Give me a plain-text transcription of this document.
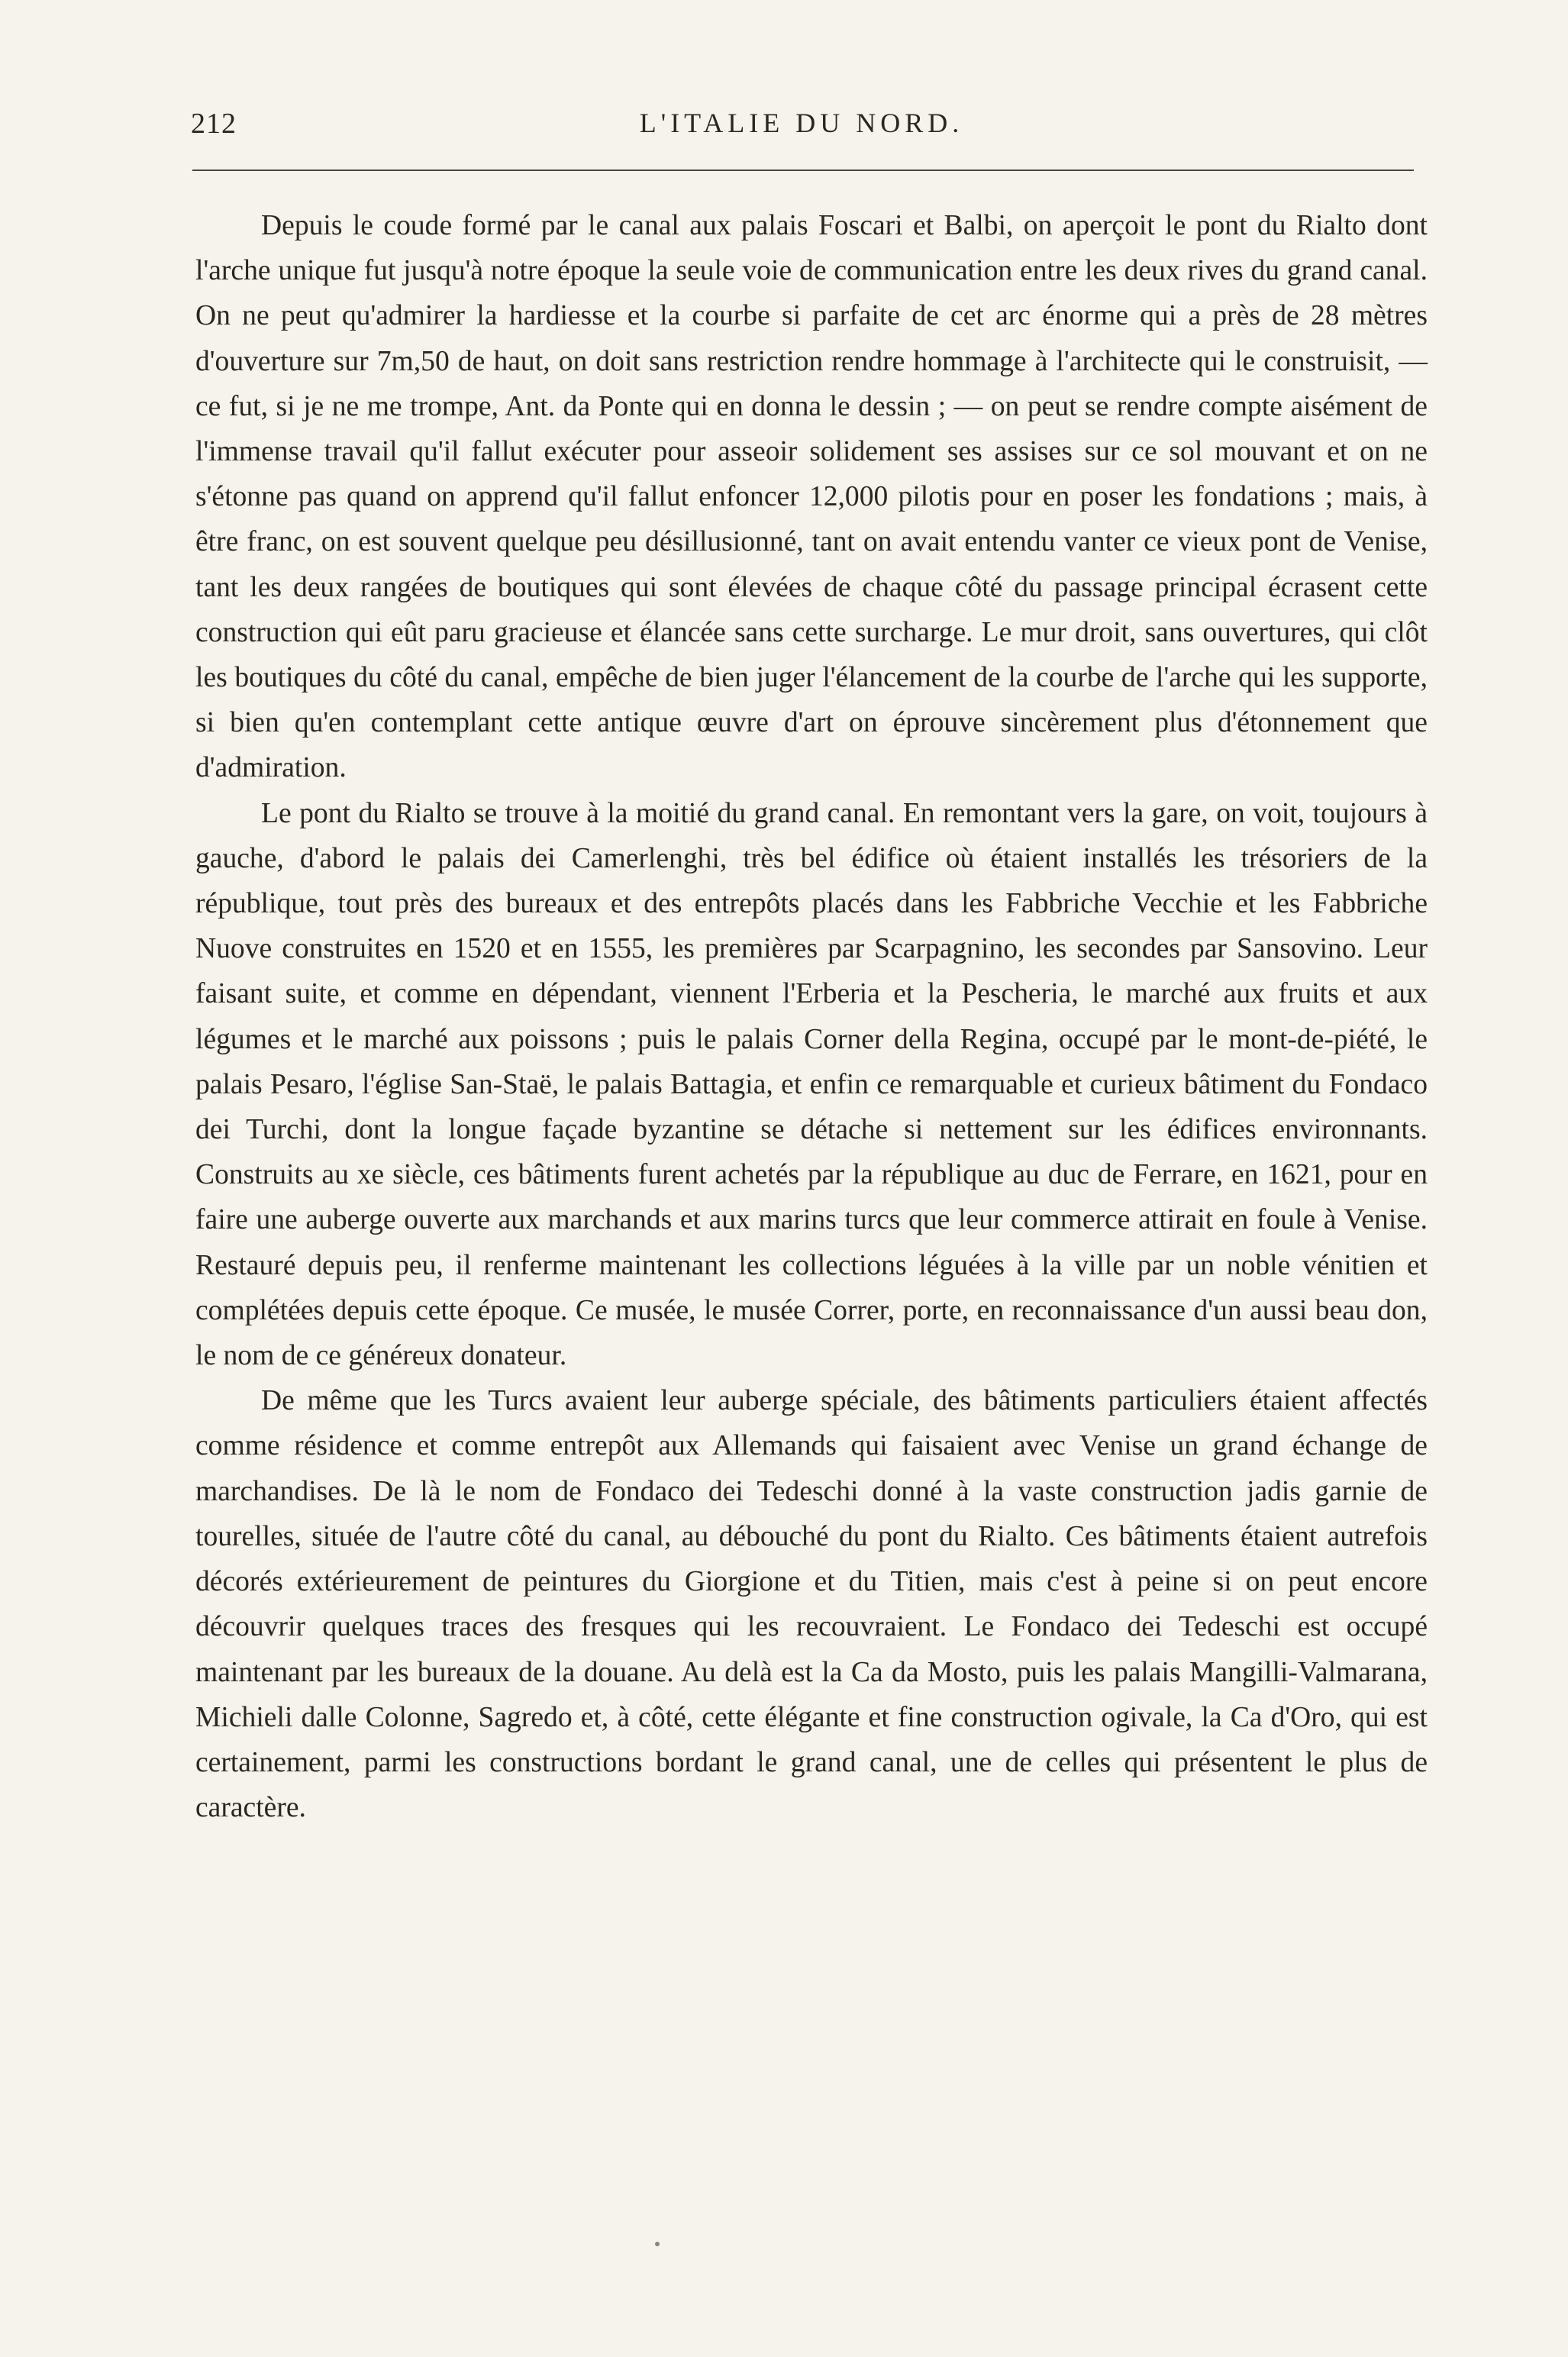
212	L'ITALIE DU NORD.

Depuis le coude formé par le canal aux palais Foscari et Balbi, on aperçoit le pont du Rialto dont l'arche unique fut jusqu'à notre époque la seule voie de communication entre les deux rives du grand canal. On ne peut qu'admirer la hardiesse et la courbe si parfaite de cet arc énorme qui a près de 28 mètres d'ouverture sur 7m,50 de haut, on doit sans restriction rendre hommage à l'architecte qui le construisit, — ce fut, si je ne me trompe, Ant. da Ponte qui en donna le dessin ; — on peut se rendre compte aisément de l'immense travail qu'il fallut exécuter pour asseoir solidement ses assises sur ce sol mouvant et on ne s'étonne pas quand on apprend qu'il fallut enfoncer 12,000 pilotis pour en poser les fondations ; mais, à être franc, on est souvent quelque peu désillusionné, tant on avait entendu vanter ce vieux pont de Venise, tant les deux rangées de boutiques qui sont élevées de chaque côté du passage principal écrasent cette construction qui eût paru gracieuse et élancée sans cette surcharge. Le mur droit, sans ouvertures, qui clôt les boutiques du côté du canal, empêche de bien juger l'élancement de la courbe de l'arche qui les supporte, si bien qu'en contemplant cette antique œuvre d'art on éprouve sincèrement plus d'étonnement que d'admiration.

Le pont du Rialto se trouve à la moitié du grand canal. En remontant vers la gare, on voit, toujours à gauche, d'abord le palais dei Camerlenghi, très bel édifice où étaient installés les trésoriers de la république, tout près des bureaux et des entrepôts placés dans les Fabbriche Vecchie et les Fabbriche Nuove construites en 1520 et en 1555, les premières par Scarpagnino, les secondes par Sansovino. Leur faisant suite, et comme en dépendant, viennent l'Erberia et la Pescheria, le marché aux fruits et aux légumes et le marché aux poissons ; puis le palais Corner della Regina, occupé par le mont-de-piété, le palais Pesaro, l'église San-Staë, le palais Battagia, et enfin ce remarquable et curieux bâtiment du Fondaco dei Turchi, dont la longue façade byzantine se détache si nettement sur les édifices environnants. Construits au xe siècle, ces bâtiments furent achetés par la république au duc de Ferrare, en 1621, pour en faire une auberge ouverte aux marchands et aux marins turcs que leur commerce attirait en foule à Venise. Restauré depuis peu, il renferme maintenant les collections léguées à la ville par un noble vénitien et complétées depuis cette époque. Ce musée, le musée Correr, porte, en reconnaissance d'un aussi beau don, le nom de ce généreux donateur.

De même que les Turcs avaient leur auberge spéciale, des bâtiments particuliers étaient affectés comme résidence et comme entrepôt aux Allemands qui faisaient avec Venise un grand échange de marchandises. De là le nom de Fondaco dei Tedeschi donné à la vaste construction jadis garnie de tourelles, située de l'autre côté du canal, au débouché du pont du Rialto. Ces bâtiments étaient autrefois décorés extérieurement de peintures du Giorgione et du Titien, mais c'est à peine si on peut encore découvrir quelques traces des fresques qui les recouvraient. Le Fondaco dei Tedeschi est occupé maintenant par les bureaux de la douane. Au delà est la Ca da Mosto, puis les palais Mangilli-Valmarana, Michieli dalle Colonne, Sagredo et, à côté, cette élégante et fine construction ogivale, la Ca d'Oro, qui est certainement, parmi les constructions bordant le grand canal, une de celles qui présentent le plus de caractère.
